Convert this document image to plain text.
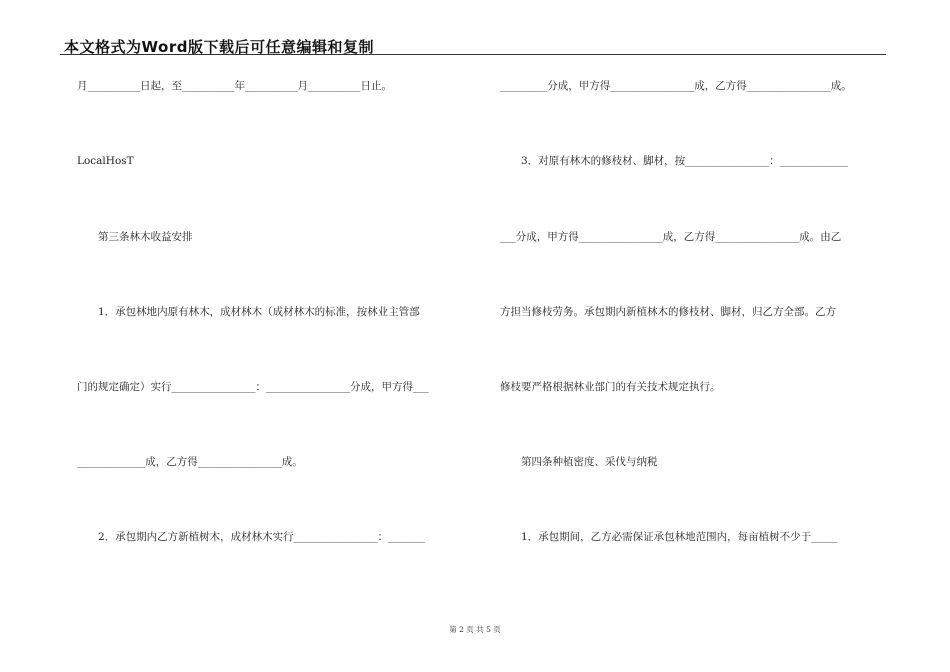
本文格式为Word版下载后可任意编辑和复制
月__________日起，至__________年__________月__________日止。
LocalHosT
　　第三条林木收益安排
　　1．承包林地内原有林木，成材林木（成材林木的标准，按林业主管部
门的规定确定）实行________________：________________分成，甲方得___
_____________成，乙方得________________成。
　　2．承包期内乙方新植树木，成材林木实行________________：_______
_________分成，甲方得________________成，乙方得________________成。
　　3．对原有林木的修枝材、脚材，按________________：_____________
___分成，甲方得________________成，乙方得________________成。由乙
方担当修枝劳务。承包期内新植林木的修枝材、脚材，归乙方全部。乙方
修枝要严格根据林业部门的有关技术规定执行。
　　第四条种植密度、采伐与纳税
　　1．承包期间，乙方必需保证承包林地范围内，每亩植树不少于_____
第 2 页 共 5 页
